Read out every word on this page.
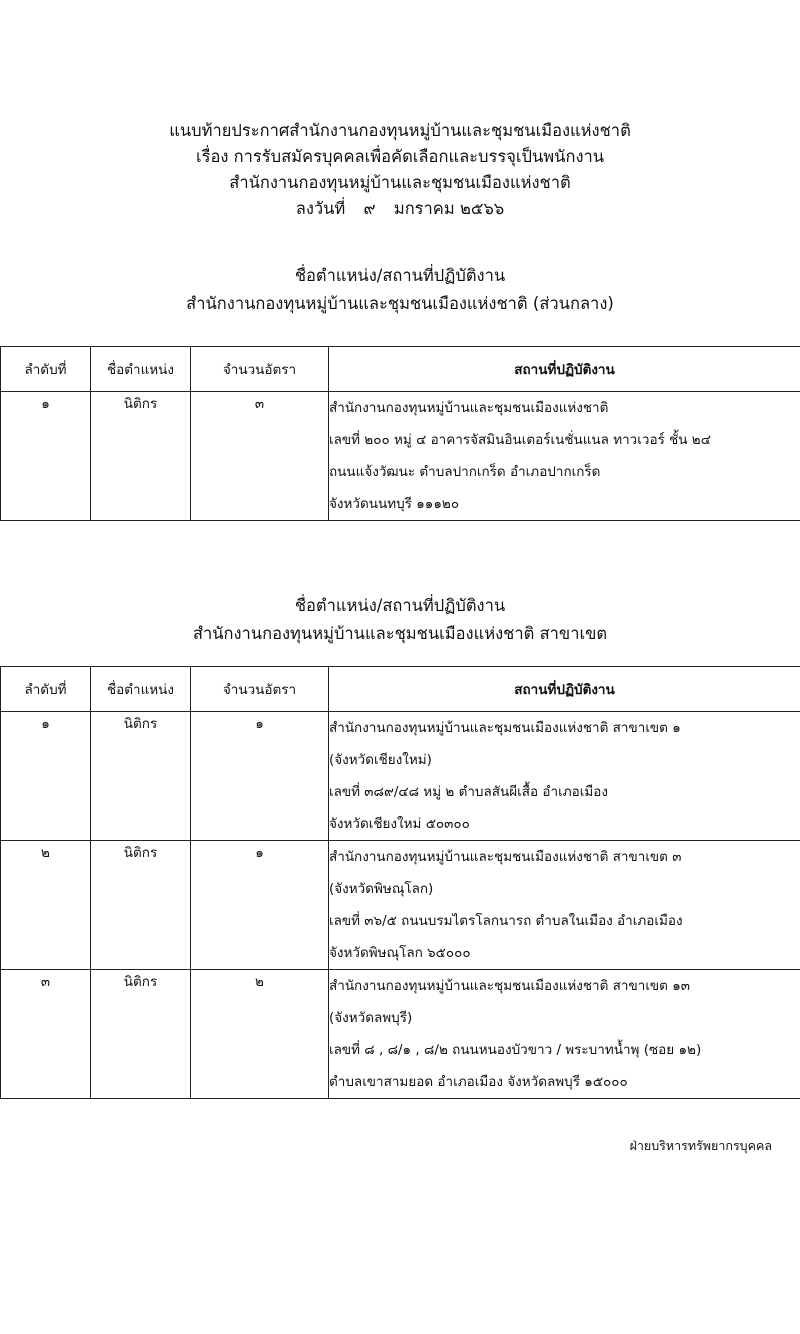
แนบท้ายประกาศสำนักงานกองทุนหมู่บ้านและชุมชนเมืองแห่งชาติ
เรื่อง การรับสมัครบุคคลเพื่อคัดเลือกและบรรจุเป็นพนักงาน
สำนักงานกองทุนหมู่บ้านและชุมชนเมืองแห่งชาติ
ลงวันที่ ๙ มกราคม ๒๕๖๖
ชื่อตำแหน่ง/สถานที่ปฏิบัติงาน
สำนักงานกองทุนหมู่บ้านและชุมชนเมืองแห่งชาติ (ส่วนกลาง)
ลำดับที่	ชื่อตำแหน่ง	จำนวนอัตรา	สถานที่ปฏิบัติงาน
๑	นิติกร	๓	สำนักงานกองทุนหมู่บ้านและชุมชนเมืองแห่งชาติ
เลขที่ ๒๐๐ หมู่ ๔ อาคารจัสมินอินเตอร์เนชั่นแนล ทาวเวอร์ ชั้น ๒๔
ถนนแจ้งวัฒนะ ตำบลปากเกร็ด อำเภอปากเกร็ด
จังหวัดนนทบุรี ๑๑๑๒๐
ชื่อตำแหน่ง/สถานที่ปฏิบัติงาน
สำนักงานกองทุนหมู่บ้านและชุมชนเมืองแห่งชาติ สาขาเขต
ลำดับที่	ชื่อตำแหน่ง	จำนวนอัตรา	สถานที่ปฏิบัติงาน
๑	นิติกร	๑	สำนักงานกองทุนหมู่บ้านและชุมชนเมืองแห่งชาติ สาขาเขต ๑
(จังหวัดเชียงใหม่)
เลขที่ ๓๘๙/๔๘ หมู่ ๒ ตำบลสันผีเสื้อ อำเภอเมือง
จังหวัดเชียงใหม่ ๕๐๓๐๐

๒	นิติกร	๑	สำนักงานกองทุนหมู่บ้านและชุมชนเมืองแห่งชาติ สาขาเขต ๓
(จังหวัดพิษณุโลก)
เลขที่ ๓๖/๕ ถนนบรมไตรโลกนารถ ตำบลในเมือง อำเภอเมือง
จังหวัดพิษณุโลก ๖๕๐๐๐

๓	นิติกร	๒	สำนักงานกองทุนหมู่บ้านและชุมชนเมืองแห่งชาติ สาขาเขต ๑๓
(จังหวัดลพบุรี)
เลขที่ ๘ , ๘/๑ , ๘/๒ ถนนหนองบัวขาว / พระบาทน้ำพุ (ซอย ๑๒)
ตำบลเขาสามยอด อำเภอเมือง จังหวัดลพบุรี ๑๕๐๐๐
ฝ่ายบริหารทรัพยากรบุคคล
